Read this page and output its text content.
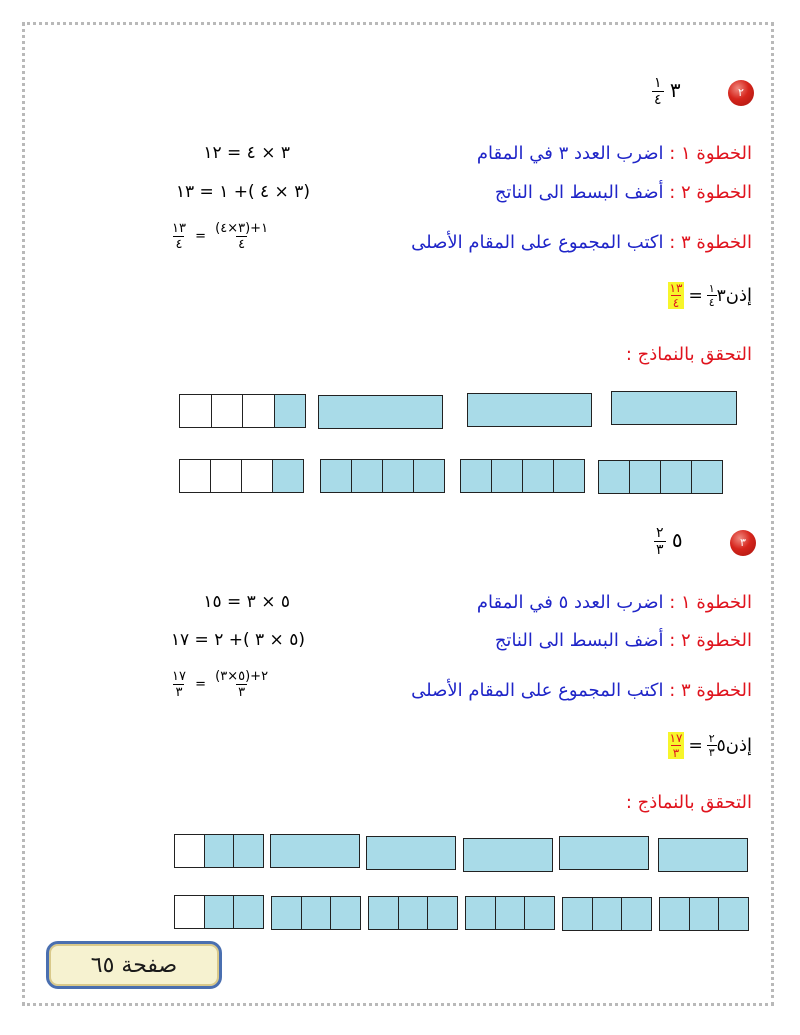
٢
٣
$\frac{١}{٤}$
الخطوة ١ : اضرب العدد ٣ في المقام
٣ × ٤ = ١٢
الخطوة ٢ : أضف البسط الى الناتج
(٣ × ٤ )+ ١ = ١٣
الخطوة ٣ : اكتب المجموع على المقام الأصلى
$\frac{١٣}{٤} = \frac{(٣\times ٤)+١}{٤}$
إذن
٣
$\frac{١}{٤}$
=
$\frac{١٣}{٤}$
التحقق بالنماذج :
٣
٥
$\frac{٢}{٣}$
الخطوة ١ : اضرب العدد ٥ في المقام
٥ × ٣ = ١٥
الخطوة ٢ : أضف البسط الى الناتج
(٥ × ٣ )+ ٢ = ١٧
الخطوة ٣ : اكتب المجموع على المقام الأصلى
$\frac{١٧}{٣} = \frac{(٥\times ٣)+٢}{٣}$
إذن
٥
$\frac{٢}{٣}$
=
$\frac{١٧}{٣}$
التحقق بالنماذج :
صفحة ٦٥
